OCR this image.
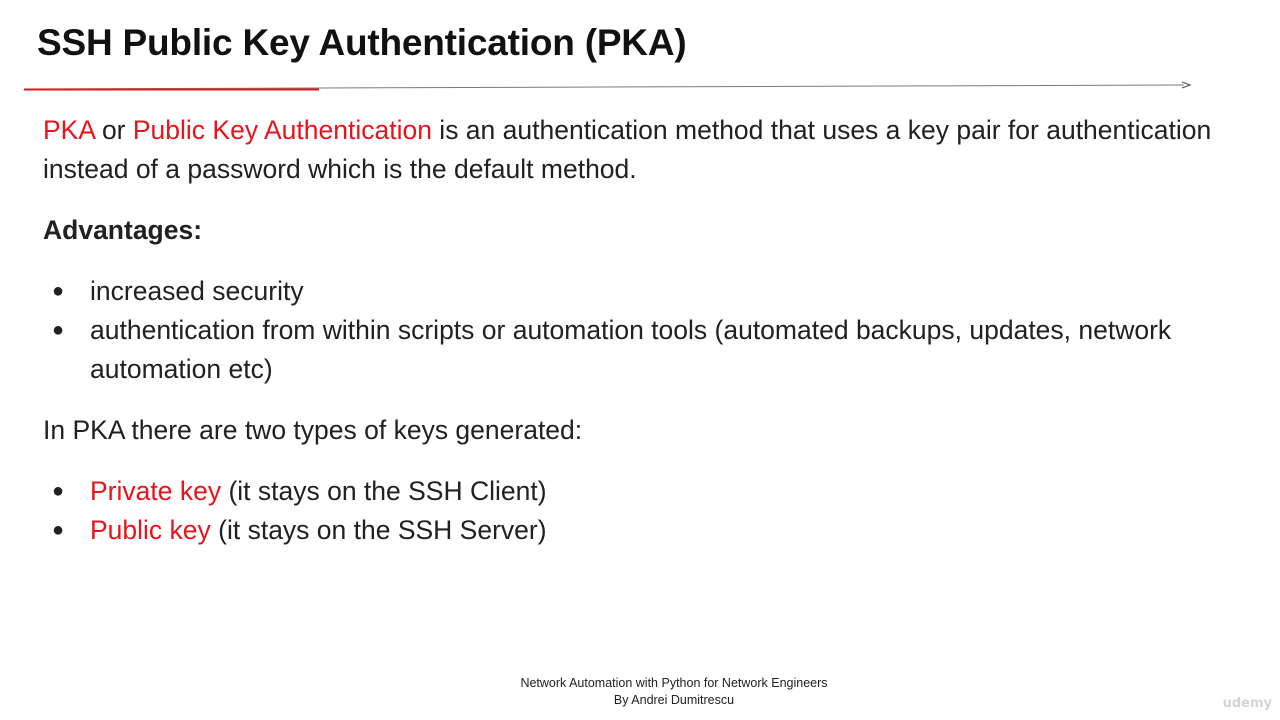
SSH Public Key Authentication (PKA)

PKA or Public Key Authentication is an authentication method that uses a key pair for authentication instead of a password which is the default method.

Advantages:

● increased security
● authentication from within scripts or automation tools (automated backups, updates, network automation etc)

In PKA there are two types of keys generated:

● Private key (it stays on the SSH Client)
● Public key (it stays on the SSH Server)
Network Automation with Python for Network Engineers
By Andrei Dumitrescu	udemy
